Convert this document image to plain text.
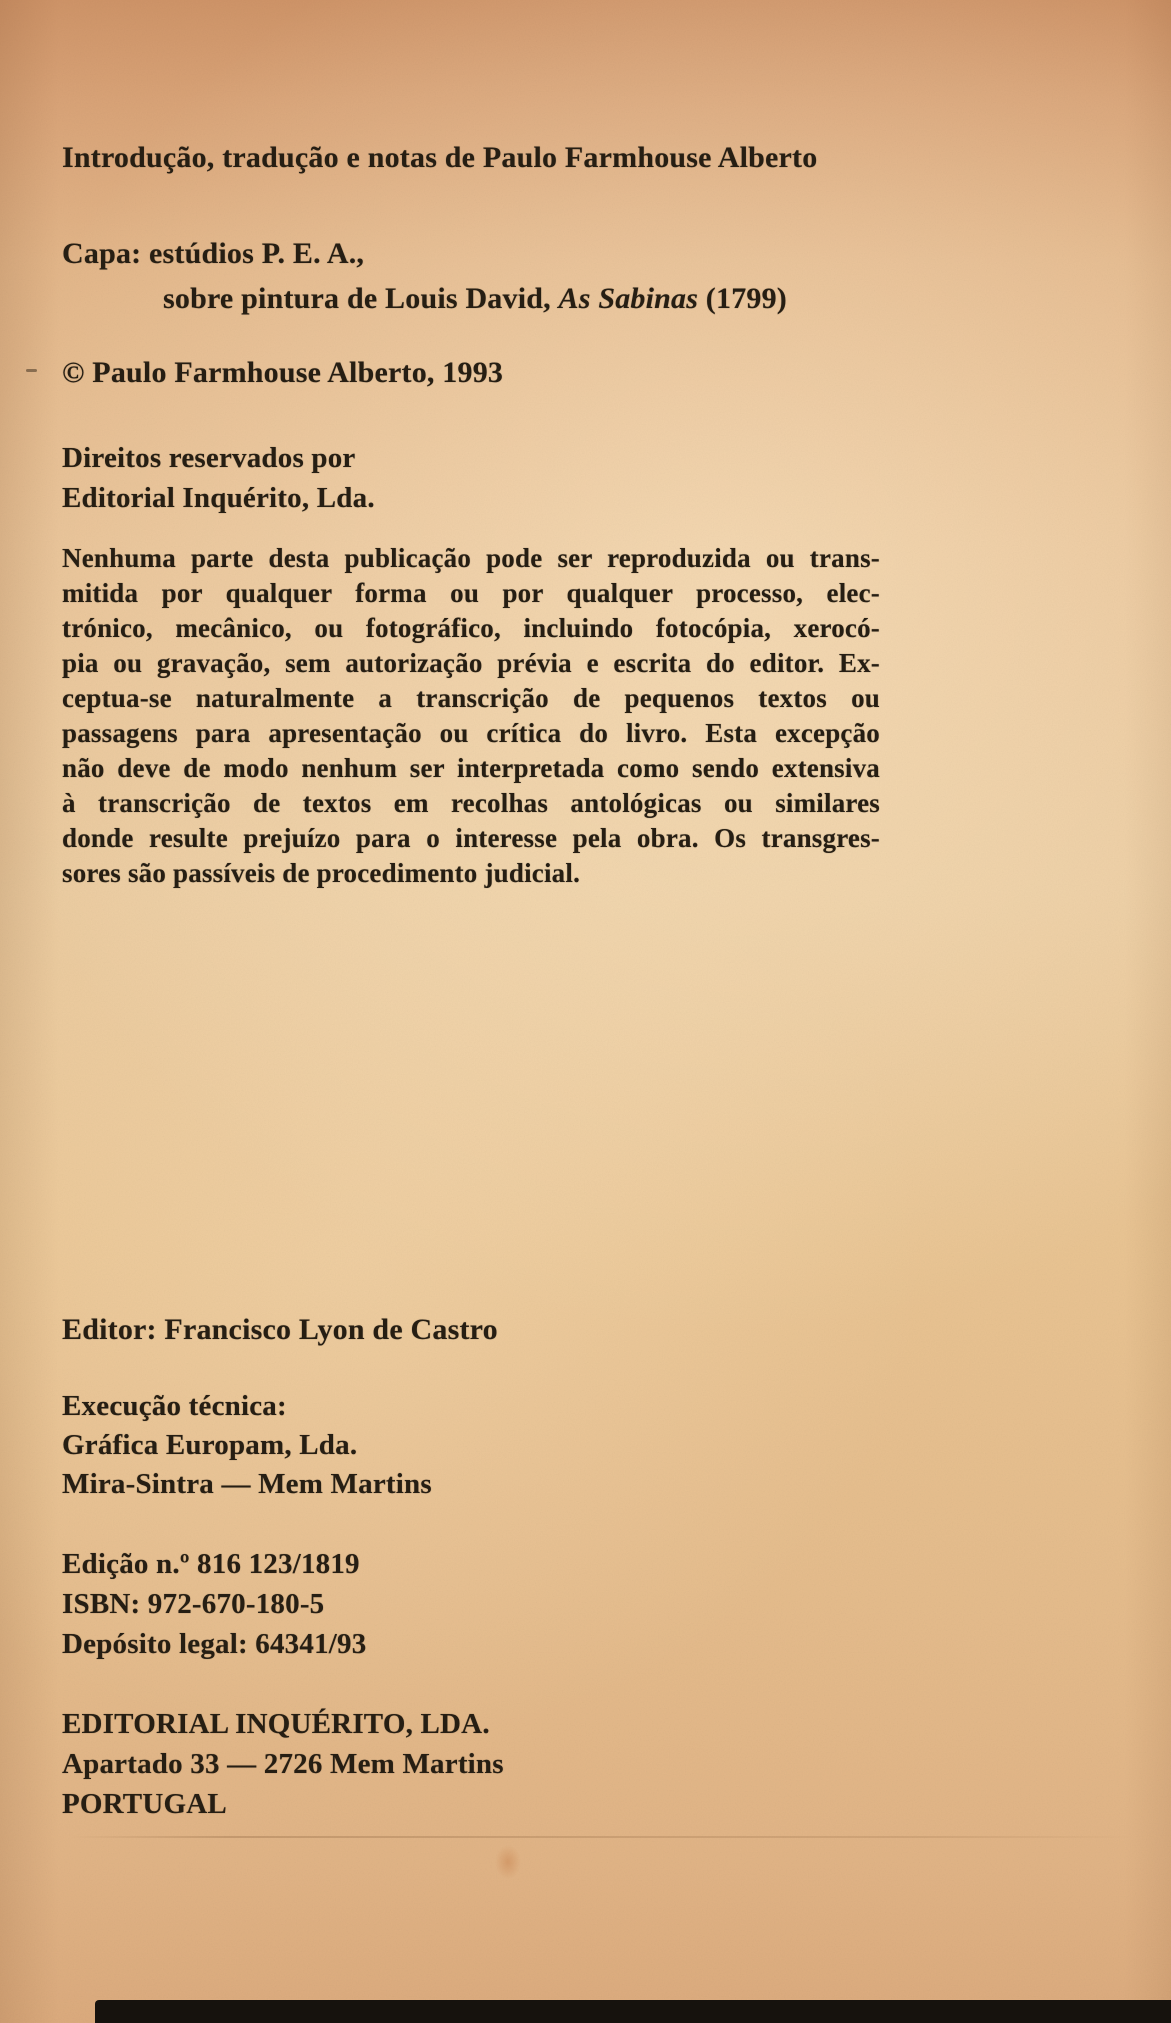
Introdução, tradução e notas de Paulo Farmhouse Alberto
Capa: estúdios P. E. A.,
sobre pintura de Louis David, As Sabinas (1799)
© Paulo Farmhouse Alberto, 1993
Direitos reservados por
Editorial Inquérito, Lda.
Nenhuma parte desta publicação pode ser reproduzida ou trans-
mitida por qualquer forma ou por qualquer processo, elec-
trónico, mecânico, ou fotográfico, incluindo fotocópia, xerocó-
pia ou gravação, sem autorização prévia e escrita do editor. Ex-
ceptua-se naturalmente a transcrição de pequenos textos ou
passagens para apresentação ou crítica do livro. Esta excepção
não deve de modo nenhum ser interpretada como sendo extensiva
à transcrição de textos em recolhas antológicas ou similares
donde resulte prejuízo para o interesse pela obra. Os transgres-
sores são passíveis de procedimento judicial.
Editor: Francisco Lyon de Castro
Execução técnica:
Gráfica Europam, Lda.
Mira-Sintra — Mem Martins
Edição n.º 816 123/1819
ISBN: 972-670-180-5
Depósito legal: 64341/93
EDITORIAL INQUÉRITO, LDA.
Apartado 33 — 2726 Mem Martins
PORTUGAL
